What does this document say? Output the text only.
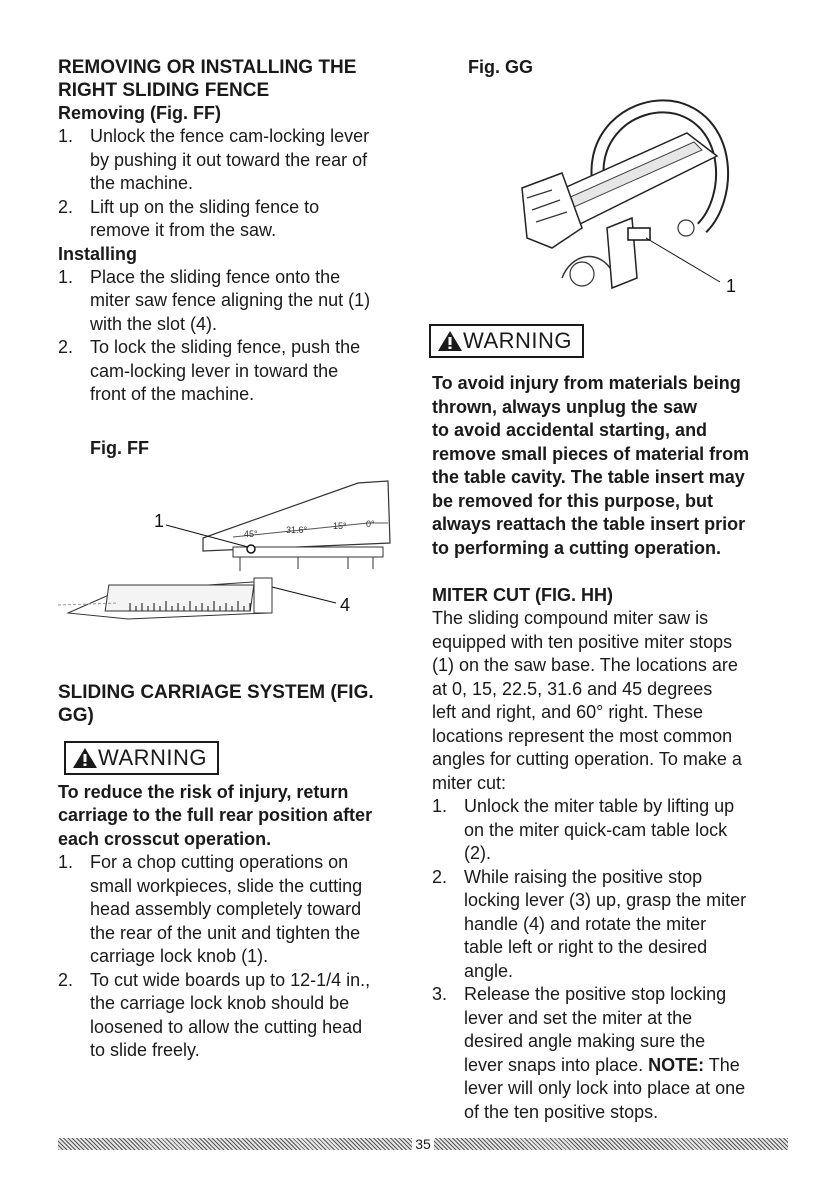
REMOVING OR INSTALLING THE
RIGHT SLIDING FENCE
Removing (Fig. FF)
1. Unlock the fence cam-locking lever
by pushing it out toward the rear of
the machine.
2. Lift up on the sliding fence to
remove it from the saw.
Installing
1. Place the sliding fence onto the
miter saw fence aligning the nut (1)
with the slot (4).
2. To lock the sliding fence, push the
cam-locking lever in toward the
front of the machine.
Fig. FF
45°	31.6°	15° 0°
1
4
SLIDING CARRIAGE SYSTEM (FIG.
GG)
WARNING
To reduce the risk of injury, return
carriage to the full rear position after
each crosscut operation.
1. For a chop cutting operations on
small workpieces, slide the cutting
head assembly completely toward
the rear of the unit and tighten the
carriage lock knob (1).
2. To cut wide boards up to 12-1/4 in.,
the carriage lock knob should be
loosened to allow the cutting head
to slide freely.
Fig. GG
1
WARNING
To avoid injury from materials being
thrown, always unplug the saw
to avoid accidental starting, and
remove small pieces of material from
the table cavity. The table insert may
be removed for this purpose, but
always reattach the table insert prior
to performing a cutting operation.
MITER CUT (FIG. HH)
The sliding compound miter saw is
equipped with ten positive miter stops
(1) on the saw base. The locations are
at 0, 15, 22.5, 31.6 and 45 degrees
left and right, and 60° right. These
locations represent the most common
angles for cutting operation. To make a
miter cut:
1. Unlock the miter table by lifting up
on the miter quick-cam table lock
(2).
2. While raising the positive stop
locking lever (3) up, grasp the miter
handle (4) and rotate the miter
table left or right to the desired
angle.
3. Release the positive stop locking
lever and set the miter at the
desired angle making sure the
lever snaps into place. NOTE: The
lever will only lock into place at one
of the ten positive stops.
35
